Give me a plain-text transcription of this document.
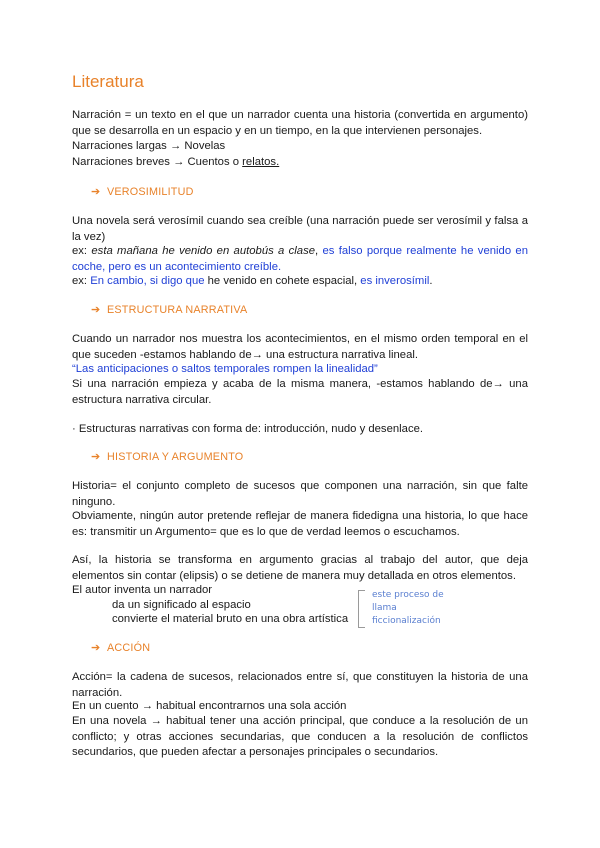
Literatura

Narración = un texto en el que un narrador cuenta una historia (convertida en argumento) que se desarrolla en un espacio y en un tiempo, en la que intervienen personajes.

Narraciones largas → Novelas

Narraciones breves → Cuentos o relatos.

➔ VEROSIMILITUD

Una novela será verosímil cuando sea creíble (una narración puede ser verosímil y falsa a la vez)

ex: esta mañana he venido en autobús a clase, es falso porque realmente he venido en coche, pero es un acontecimiento creíble.

ex: En cambio, si digo que he venido en cohete espacial, es inverosímil.

➔ ESTRUCTURA NARRATIVA

Cuando un narrador nos muestra los acontecimientos, en el mismo orden temporal en el que suceden -estamos hablando de→ una estructura narrativa lineal.

“Las anticipaciones o saltos temporales rompen la linealidad”

Si una narración empieza y acaba de la misma manera, -estamos hablando de→ una estructura narrativa circular.

· Estructuras narrativas con forma de: introducción, nudo y desenlace.

➔ HISTORIA Y ARGUMENTO

Historia= el conjunto completo de sucesos que componen una narración, sin que falte ninguno.

Obviamente, ningún autor pretende reflejar de manera fidedigna una historia, lo que hace es: transmitir un Argumento= que es lo que de verdad leemos o escuchamos.

Así, la historia se transforma en argumento gracias al trabajo del autor, que deja elementos sin contar (elipsis) o se detiene de manera muy detallada en otros elementos.

El autor inventa un narrador

da un significado al espacio

convierte el material bruto en una obra artística

este proceso de
llama
ficcionalización
➔ ACCIÓN

Acción= la cadena de sucesos, relacionados entre sí, que constituyen la historia de una narración.

En un cuento → habitual encontrarnos una sola acción

En una novela → habitual tener una acción principal, que conduce a la resolución de un conflicto; y otras acciones secundarias, que conducen a la resolución de conflictos secundarios, que pueden afectar a personajes principales o secundarios.
